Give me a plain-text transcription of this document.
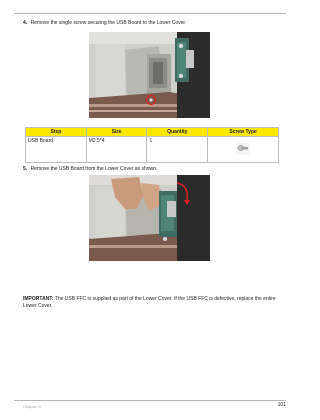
4. Remove the single screw securing the USB Board to the Lower Cover.
Step	Size	Quantity	Screw Type
USB Board	M2.5*4	1	
5. Remove the USB Board from the Lower Cover as shown.
IMPORTANT: The USB FFC is supplied as part of the Lower Cover. If the USB FFC is defective, replace the entire Lower Cover.
Chapter 3	101
